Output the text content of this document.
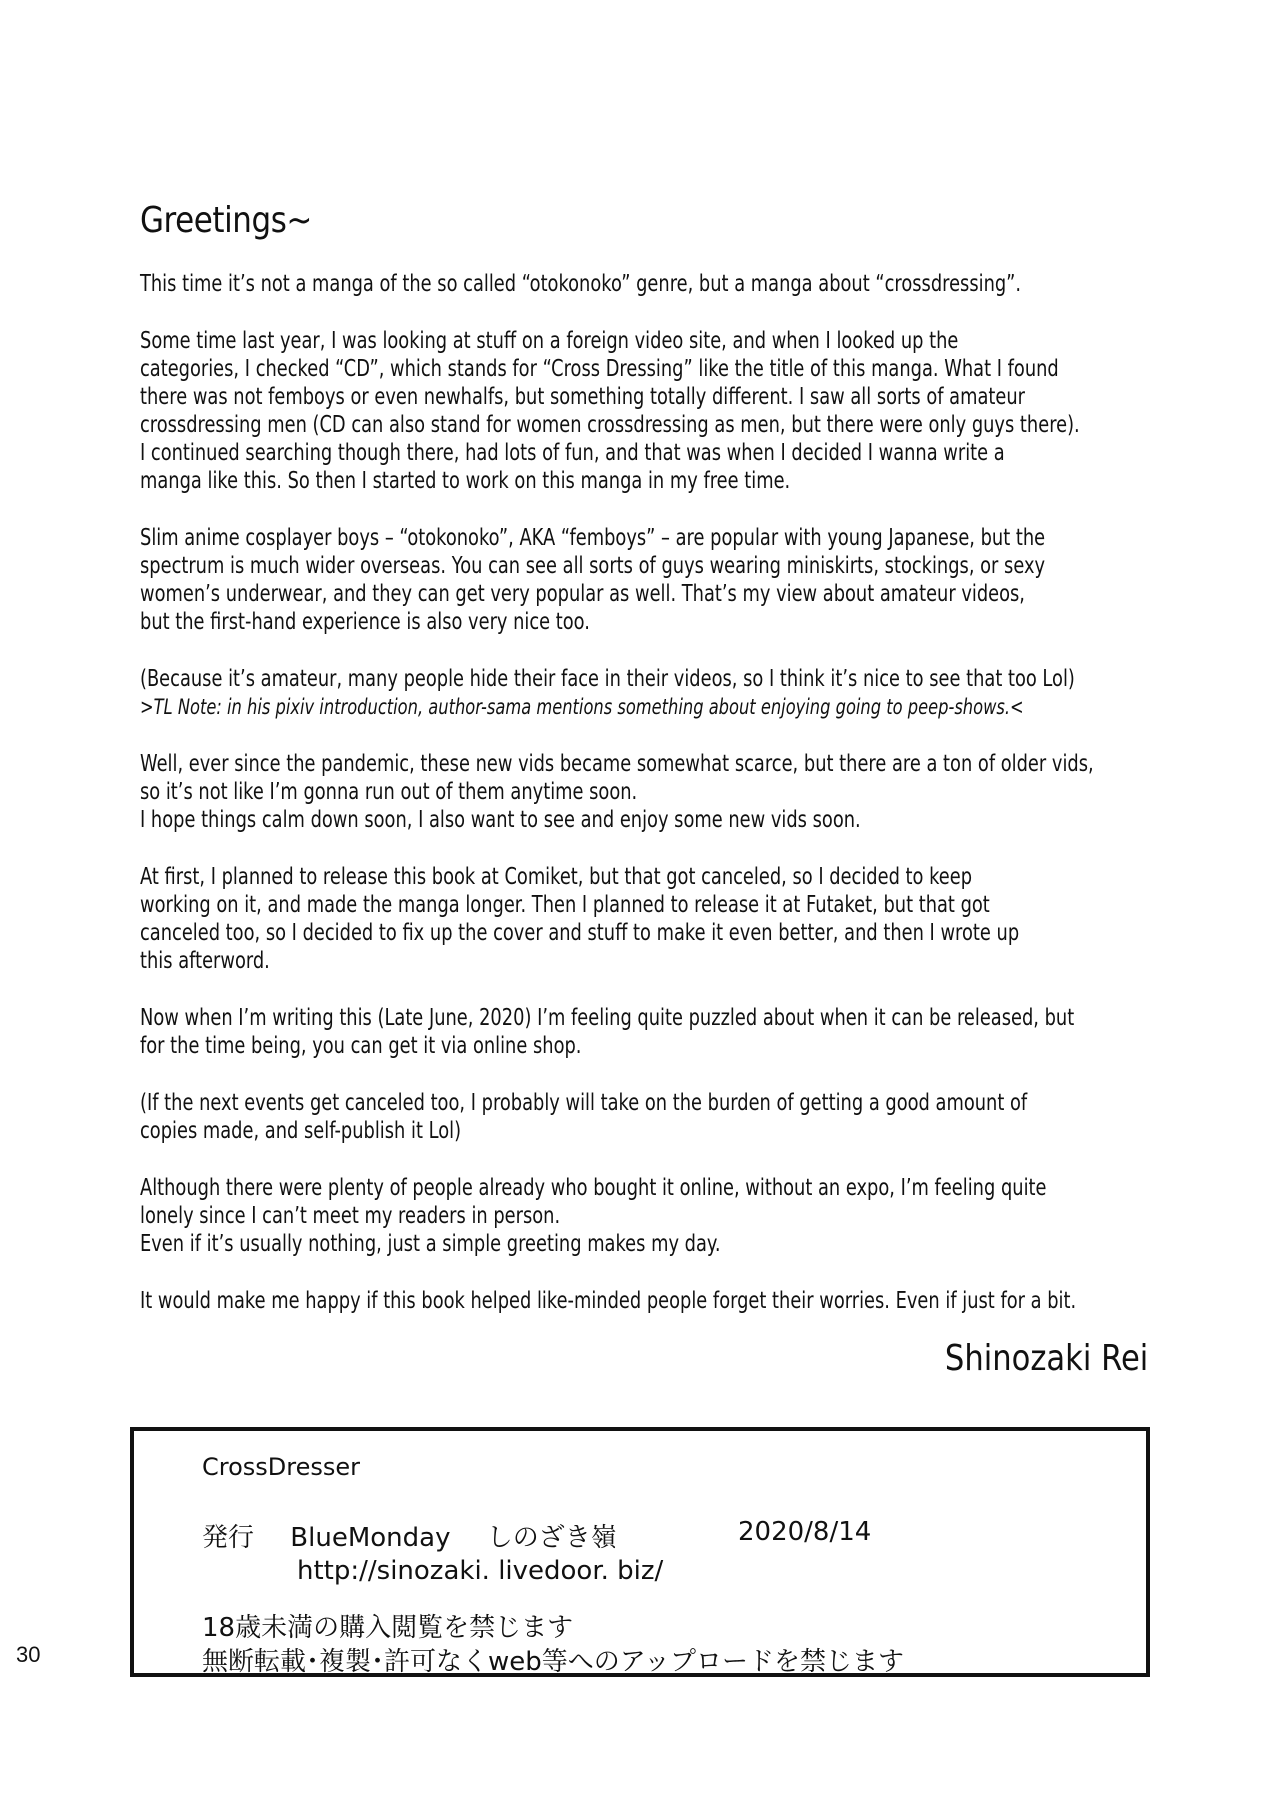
Greetings~

This time it’s not a manga of the so called “otokonoko” genre, but a manga about “crossdressing”.

Some time last year, I was looking at stuff on a foreign video site, and when I looked up the
categories, I checked “CD”, which stands for “Cross Dressing” like the title of this manga. What I found
there was not femboys or even newhalfs, but something totally different. I saw all sorts of amateur
crossdressing men (CD can also stand for women crossdressing as men, but there were only guys there).
I continued searching though there, had lots of fun, and that was when I decided I wanna write a
manga like this. So then I started to work on this manga in my free time.

Slim anime cosplayer boys – “otokonoko”, AKA “femboys” – are popular with young Japanese, but the
spectrum is much wider overseas. You can see all sorts of guys wearing miniskirts, stockings, or sexy
women’s underwear, and they can get very popular as well. That’s my view about amateur videos,
but the first-hand experience is also very nice too.

(Because it’s amateur, many people hide their face in their videos, so I think it’s nice to see that too Lol)

>TL Note: in his pixiv introduction, author-sama mentions something about enjoying going to peep-shows.<

Well, ever since the pandemic, these new vids became somewhat scarce, but there are a ton of older vids,
so it’s not like I’m gonna run out of them anytime soon.
I hope things calm down soon, I also want to see and enjoy some new vids soon.

At first, I planned to release this book at Comiket, but that got canceled, so I decided to keep
working on it, and made the manga longer. Then I planned to release it at Futaket, but that got
canceled too, so I decided to fix up the cover and stuff to make it even better, and then I wrote up
this afterword.

Now when I’m writing this (Late June, 2020) I’m feeling quite puzzled about when it can be released, but
for the time being, you can get it via online shop.

(If the next events get canceled too, I probably will take on the burden of getting a good amount of
copies made, and self-publish it Lol)

Although there were plenty of people already who bought it online, without an expo, I’m feeling quite
lonely since I can’t meet my readers in person.
Even if it’s usually nothing, just a simple greeting makes my day.

It would make me happy if this book helped like-minded people forget their worries. Even if just for a bit.

Shinozaki Rei
CrossDresser
発行 BlueMonday しのざき嶺	2020/8/14
http://sinozaki. livedoor. biz/
18歳未満の購入閲覧を禁じます
無断転載･複製･許可なくweb等へのアップロードを禁じます
30
